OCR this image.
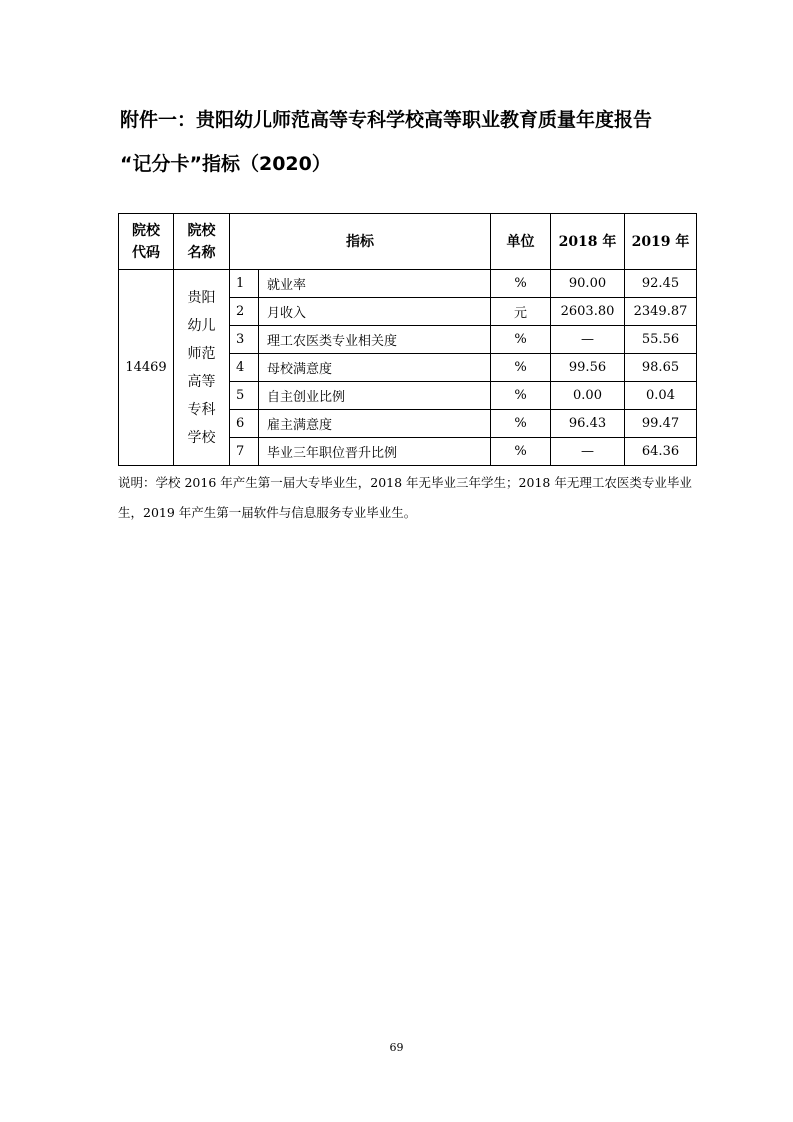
附件一：贵阳幼儿师范高等专科学校高等职业教育质量年度报告
“记分卡”指标（2020）
院校代码	院校名称	指标		单位	2018 年	2019 年
14469	贵阳幼儿师范高等专科学校	1	就业率	%	90.00	92.45
		2	月收入	元	2603.80	2349.87
		3	理工农医类专业相关度	%	—	55.56
		4	母校满意度	%	99.56	98.65
		5	自主创业比例	%	0.00	0.04
		6	雇主满意度	%	96.43	99.47
		7	毕业三年职位晋升比例	%	—	64.36
说明：学校 2016 年产生第一届大专毕业生，2018 年无毕业三年学生；2018 年无理工农医类专业毕业生，2019 年产生第一届软件与信息服务专业毕业生。
69
